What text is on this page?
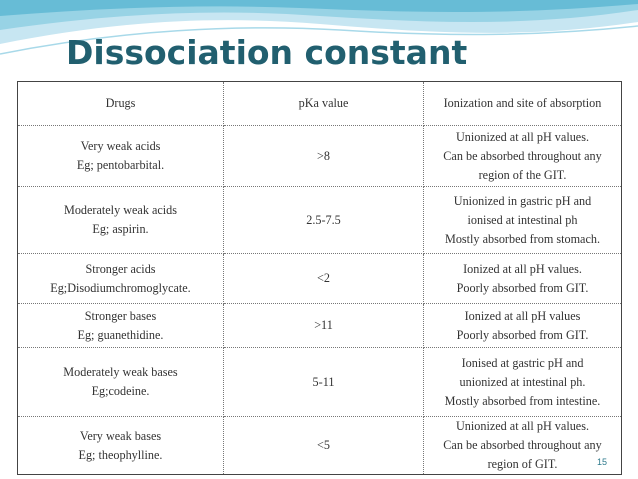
Dissociation constant
Drugs	pKa value	Ionization and site of absorption

Very weak acids
Eg; pentobarbital.	>8	Unionized at all pH values.
Can be absorbed throughout any
region of the GIT.

Moderately weak acids
Eg; aspirin.	2.5-7.5	Unionized in gastric pH and
ionised at intestinal ph
Mostly absorbed from stomach.

Stronger acids
Eg;Disodiumchromoglycate.	<2	Ionized at all pH values.
Poorly absorbed from GIT.

Stronger bases
Eg; guanethidine.	>11	Ionized at all pH values
Poorly absorbed from GIT.

Moderately weak bases
Eg;codeine.	5-11	Ionised at gastric pH and
unionized at intestinal ph.
Mostly absorbed from intestine.

Very weak bases
Eg; theophylline.	<5	Unionized at all pH values.
Can be absorbed throughout any
region of GIT.	15
